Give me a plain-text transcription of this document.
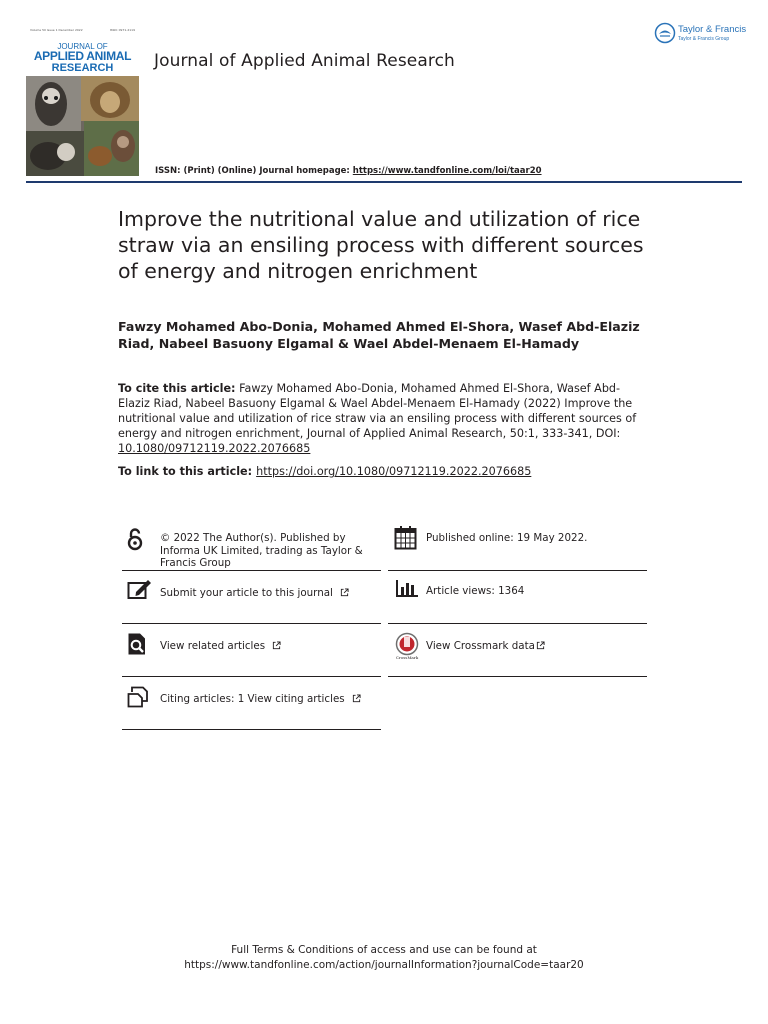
Volume 50 Issue 1 December 2022	ISSN: 0971-2119
JOURNAL OF
APPLIED ANIMAL
RESEARCH	Journal of Applied Animal Research
Taylor & Francis
Taylor & Francis Group
ISSN: (Print) (Online) Journal homepage: https://www.tandfonline.com/loi/taar20
Improve the nutritional value and utilization of rice straw via an ensiling process with different sources of energy and nitrogen enrichment
Fawzy Mohamed Abo-Donia, Mohamed Ahmed El-Shora, Wasef Abd-Elaziz Riad, Nabeel Basuony Elgamal & Wael Abdel-Menaem El-Hamady
To cite this article: Fawzy Mohamed Abo-Donia, Mohamed Ahmed El-Shora, Wasef Abd-Elaziz Riad, Nabeel Basuony Elgamal & Wael Abdel-Menaem El-Hamady (2022) Improve the nutritional value and utilization of rice straw via an ensiling process with different sources of energy and nitrogen enrichment, Journal of Applied Animal Research, 50:1, 333-341, DOI: 10.1080/09712119.2022.2076685
To link to this article: https://doi.org/10.1080/09712119.2022.2076685
© 2022 The Author(s). Published by Informa UK Limited, trading as Taylor & Francis Group
Submit your article to this journal
View related articles
Citing articles: 1 View citing articles
Published online: 19 May 2022.
Article views: 1364
CrossMark
View Crossmark data
Full Terms & Conditions of access and use can be found at
https://www.tandfonline.com/action/journalInformation?journalCode=taar20
